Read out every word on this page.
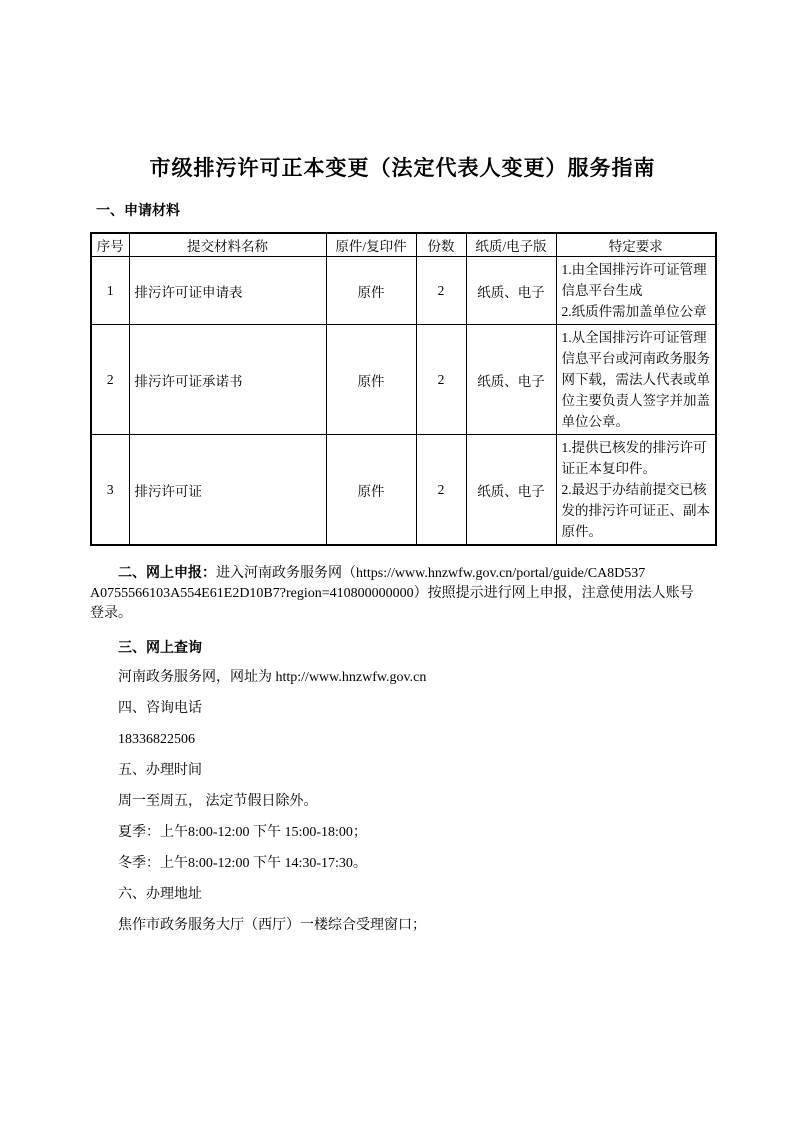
市级排污许可正本变更（法定代表人变更）服务指南

一、申请材料

序号	提交材料名称	原件/复印件	份数	纸质/电子版	特定要求
1	排污许可证申请表	原件	2	纸质、电子	1.由全国排污许可证管理信息平台生成
2.纸质件需加盖单位公章

2	排污许可证承诺书	原件	2	纸质、电子	1.从全国排污许可证管理信息平台或河南政务服务网下载，需法人代表或单位主要负责人签字并加盖单位公章。

3	排污许可证	原件	2	纸质、电子	1.提供已核发的排污许可证正本复印件。
2.最迟于办结前提交已核发的排污许可证正、副本原件。

二、网上申报：进入河南政务服务网（https://www.hnzwfw.gov.cn/portal/guide/CA8D537
A0755566103A554E61E2D10B7?region=410800000000）按照提示进行网上申报，注意使用法人账号
登录。

三、网上查询

河南政务服务网，网址为 http://www.hnzwfw.gov.cn

四、咨询电话

18336822506

五、办理时间

周一至周五， 法定节假日除外。

夏季：上午8:00-12:00 下午 15:00-18:00；

冬季：上午8:00-12:00 下午 14:30-17:30。

六、办理地址

焦作市政务服务大厅（西厅）一楼综合受理窗口；
